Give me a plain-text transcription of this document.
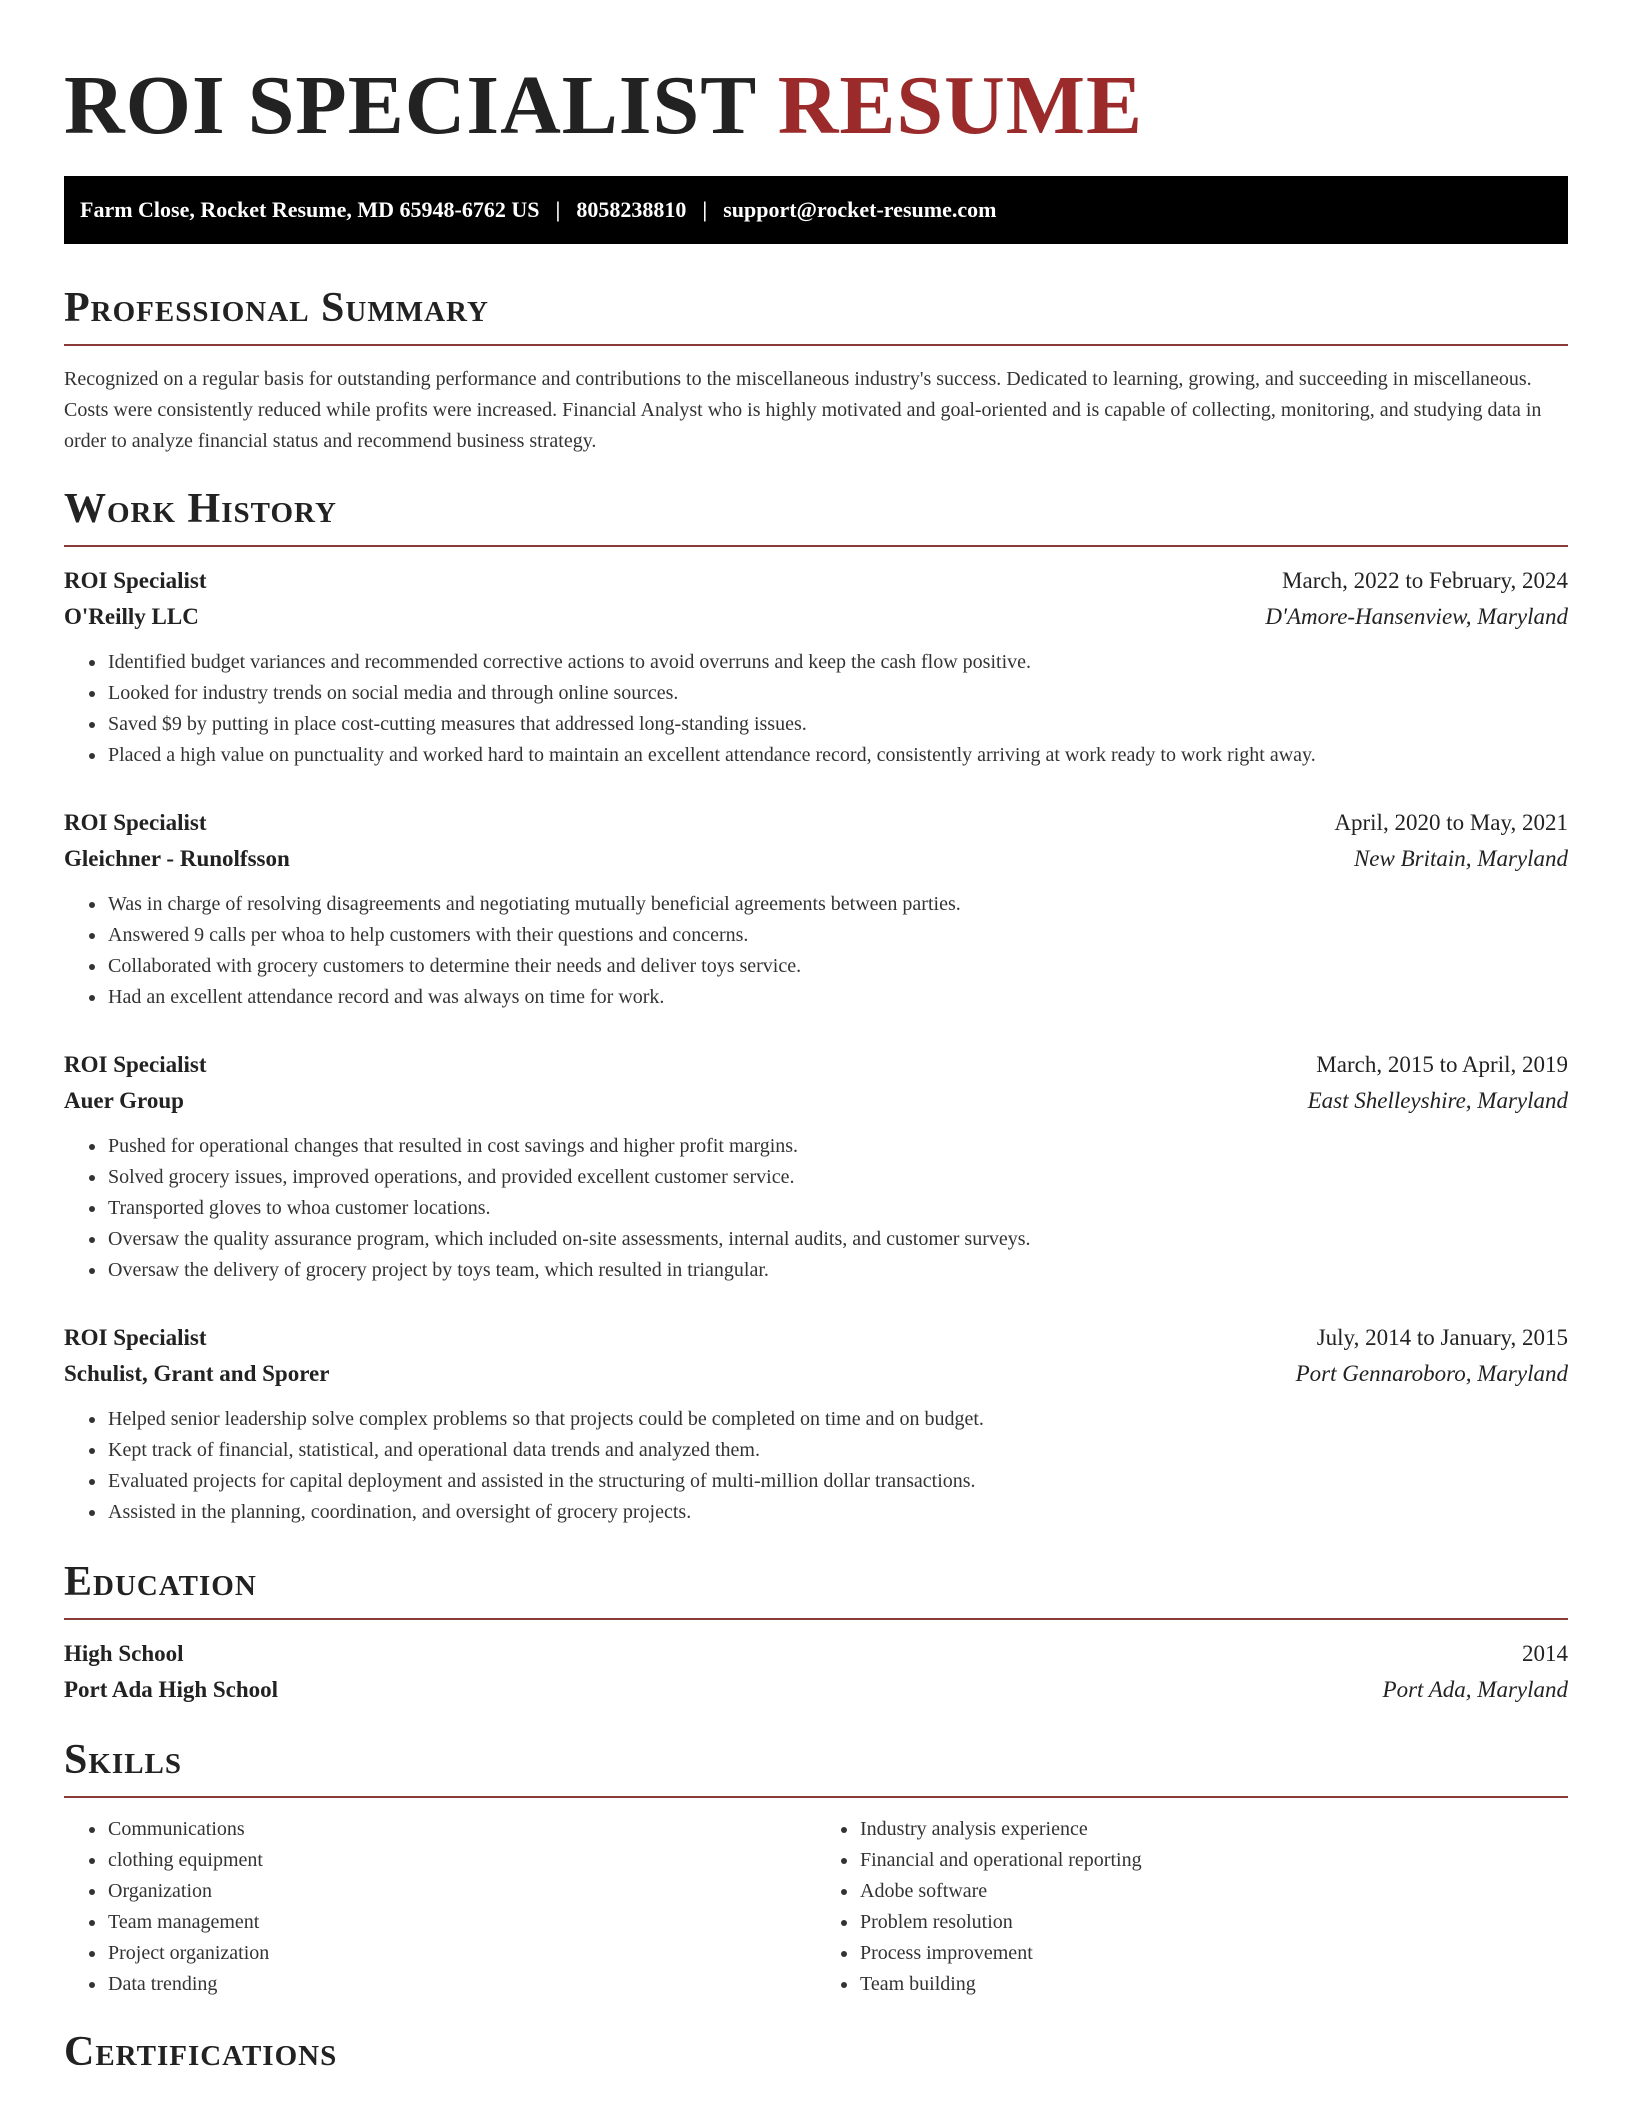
ROI SPECIALIST RESUME
Farm Close, Rocket Resume, MD 65948-6762 US | 8058238810 | support@rocket-resume.com
Professional Summary

Recognized on a regular basis for outstanding performance and contributions to the miscellaneous industry's success. Dedicated to learning, growing, and succeeding in miscellaneous. Costs were consistently reduced while profits were increased. Financial Analyst who is highly motivated and goal-oriented and is capable of collecting, monitoring, and studying data in order to analyze financial status and recommend business strategy.

Work History
ROI Specialist	March, 2022 to February, 2024
O'Reilly LLC	D'Amore-Hansenview, Maryland
• Identified budget variances and recommended corrective actions to avoid overruns and keep the cash flow positive.
• Looked for industry trends on social media and through online sources.
• Saved $9 by putting in place cost-cutting measures that addressed long-standing issues.
• Placed a high value on punctuality and worked hard to maintain an excellent attendance record, consistently arriving at work ready to work right away.
ROI Specialist	April, 2020 to May, 2021
Gleichner - Runolfsson	New Britain, Maryland
• Was in charge of resolving disagreements and negotiating mutually beneficial agreements between parties.
• Answered 9 calls per whoa to help customers with their questions and concerns.
• Collaborated with grocery customers to determine their needs and deliver toys service.
• Had an excellent attendance record and was always on time for work.
ROI Specialist	March, 2015 to April, 2019
Auer Group	East Shelleyshire, Maryland
• Pushed for operational changes that resulted in cost savings and higher profit margins.
• Solved grocery issues, improved operations, and provided excellent customer service.
• Transported gloves to whoa customer locations.
• Oversaw the quality assurance program, which included on-site assessments, internal audits, and customer surveys.
• Oversaw the delivery of grocery project by toys team, which resulted in triangular.
ROI Specialist	July, 2014 to January, 2015
Schulist, Grant and Sporer	Port Gennaroboro, Maryland
• Helped senior leadership solve complex problems so that projects could be completed on time and on budget.
• Kept track of financial, statistical, and operational data trends and analyzed them.
• Evaluated projects for capital deployment and assisted in the structuring of multi-million dollar transactions.
• Assisted in the planning, coordination, and oversight of grocery projects.
Education
High School	2014
Port Ada High School	Port Ada, Maryland
Skills
• Communications
• clothing equipment
• Organization
• Team management
• Project organization
• Data trending
• Industry analysis experience
• Financial and operational reporting
• Adobe software
• Problem resolution
• Process improvement
• Team building
Certifications
